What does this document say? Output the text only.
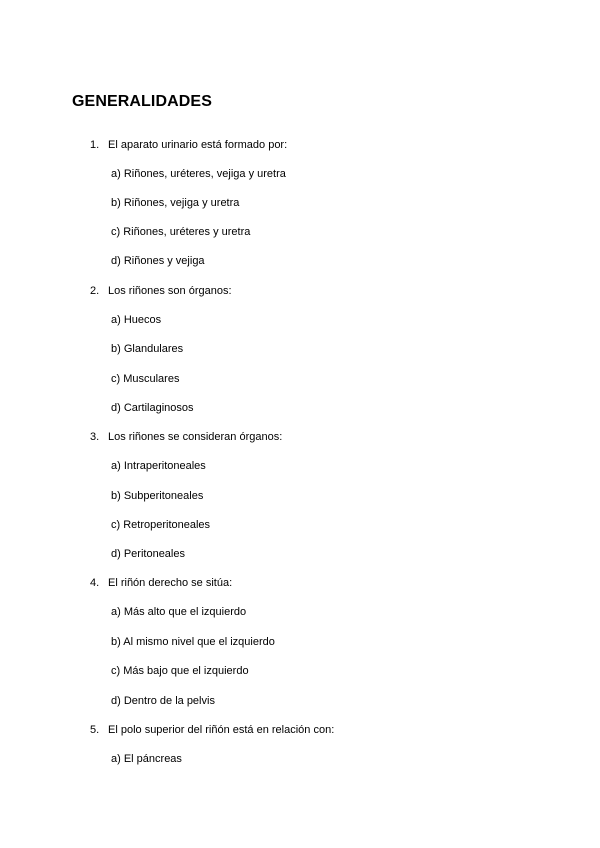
GENERALIDADES
1. El aparato urinario está formado por:
a) Riñones, uréteres, vejiga y uretra
b) Riñones, vejiga y uretra
c) Riñones, uréteres y uretra
d) Riñones y vejiga
2. Los riñones son órganos:
a) Huecos
b) Glandulares
c) Musculares
d) Cartilaginosos
3. Los riñones se consideran órganos:
a) Intraperitoneales
b) Subperitoneales
c) Retroperitoneales
d) Peritoneales
4. El riñón derecho se sitúa:
a) Más alto que el izquierdo
b) Al mismo nivel que el izquierdo
c) Más bajo que el izquierdo
d) Dentro de la pelvis
5. El polo superior del riñón está en relación con:
a) El páncreas
